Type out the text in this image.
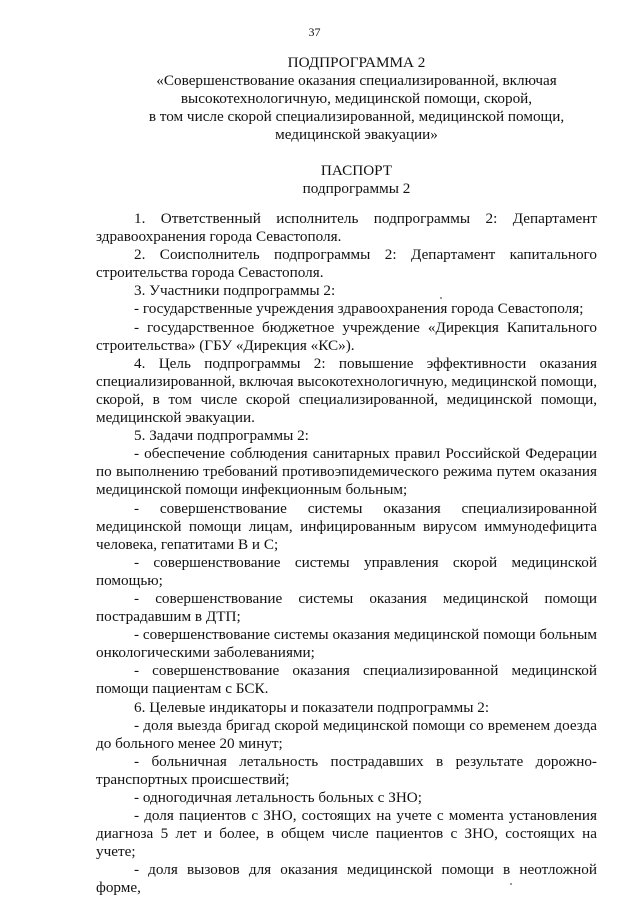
37
ПОДПРОГРАММА 2
«Совершенствование оказания специализированной, включая
высокотехнологичную, медицинской помощи, скорой,
в том числе скорой специализированной, медицинской помощи,
медицинской эвакуации»
ПАСПОРТ
подпрограммы 2

1. Ответственный исполнитель подпрограммы 2: Департамент

здравоохранения города Севастополя.

2. Соисполнитель подпрограммы 2: Департамент капитального

строительства города Севастополя.

3. Участники подпрограммы 2:

- государственные учреждения здравоохранения города Севастополя;

- государственное бюджетное учреждение «Дирекция Капитального

строительства» (ГБУ «Дирекция «КС»).

4. Цель подпрограммы 2: повышение эффективности оказания

специализированной, включая высокотехнологичную, медицинской помощи,

скорой, в том числе скорой специализированной, медицинской помощи,

медицинской эвакуации.

5. Задачи подпрограммы 2:

- обеспечение соблюдения санитарных правил Российской Федерации

по выполнению требований противоэпидемического режима путем оказания

медицинской помощи инфекционным больным;

- совершенствование системы оказания специализированной

медицинской помощи лицам, инфицированным вирусом иммунодефицита

человека, гепатитами В и С;

- совершенствование системы управления скорой медицинской

помощью;

- совершенствование системы оказания медицинской помощи

пострадавшим в ДТП;

- совершенствование системы оказания медицинской помощи больным

онкологическими заболеваниями;

- совершенствование оказания специализированной медицинской

помощи пациентам с БСК.

6. Целевые индикаторы и показатели подпрограммы 2:

- доля выезда бригад скорой медицинской помощи со временем доезда

до больного менее 20 минут;

- больничная летальность пострадавших в результате дорожно-

транспортных происшествий;

- одногодичная летальность больных с ЗНО;

- доля пациентов с ЗНО, состоящих на учете с момента установления

диагноза 5 лет и более, в общем числе пациентов с ЗНО, состоящих на учете;

- доля вызовов для оказания медицинской помощи в неотложной форме,
